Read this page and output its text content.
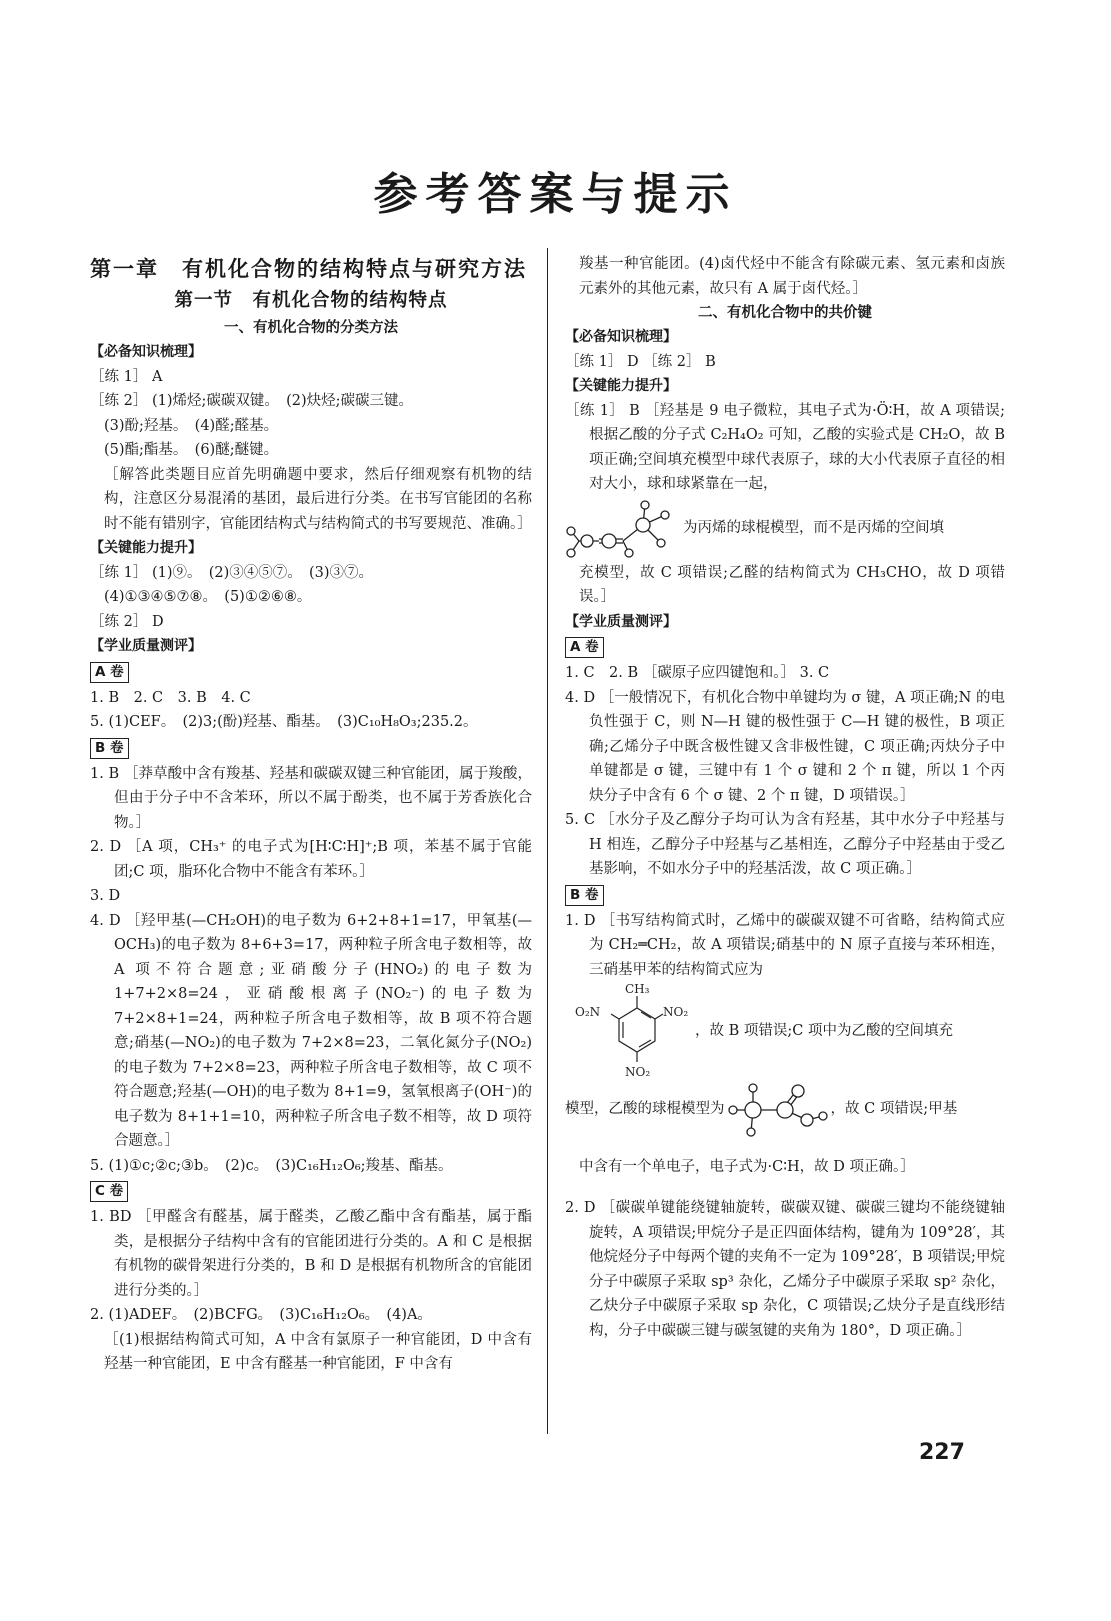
参考答案与提示
第一章　有机化合物的结构特点与研究方法
第一节　有机化合物的结构特点
一、有机化合物的分类方法
【必备知识梳理】
［练 1］ A
［练 2］ (1)烯烃;碳碳双键。　(2)炔烃;碳碳三键。
(3)酚;羟基。　(4)醛;醛基。
(5)酯;酯基。　(6)醚;醚键。
［解答此类题目应首先明确题中要求，然后仔细观察有机物的结构，注意区分易混淆的基团，最后进行分类。在书写官能团的名称时不能有错别字，官能团结构式与结构简式的书写要规范、准确。］
【关键能力提升】
［练 1］ (1)⑨。　(2)③④⑤⑦。　(3)③⑦。
(4)①③④⑤⑦⑧。　(5)①②⑥⑧。
［练 2］ D
【学业质量测评】
A 卷
1. B　2. C　3. B　4. C
5. (1)CEF。　(2)3;(酚)羟基、酯基。　(3)C₁₀H₈O₃;235.2。
B 卷
1. B ［莽草酸中含有羧基、羟基和碳碳双键三种官能团，属于羧酸，但由于分子中不含苯环，所以不属于酚类，也不属于芳香族化合物。］
2. D ［A 项，CH₃⁺ 的电子式为[H∶C∶H]⁺;B 项，苯基不属于官能团;C 项，脂环化合物中不能含有苯环。］
3. D
4. D ［羟甲基(—CH₂OH)的电子数为 6+2+8+1=17，甲氧基(—OCH₃)的电子数为 8+6+3=17，两种粒子所含电子数相等，故 A 项不符合题意;亚硝酸分子(HNO₂)的电子数为 1+7+2×8=24，亚硝酸根离子(NO₂⁻)的电子数为 7+2×8+1=24，两种粒子所含电子数相等，故 B 项不符合题意;硝基(—NO₂)的电子数为 7+2×8=23，二氧化氮分子(NO₂)的电子数为 7+2×8=23，两种粒子所含电子数相等，故 C 项不符合题意;羟基(—OH)的电子数为 8+1=9，氢氧根离子(OH⁻)的电子数为 8+1+1=10，两种粒子所含电子数不相等，故 D 项符合题意。］
5. (1)①c;②c;③b。　(2)c。　(3)C₁₆H₁₂O₆;羧基、酯基。
C 卷
1. BD ［甲醛含有醛基，属于醛类，乙酸乙酯中含有酯基，属于酯类，是根据分子结构中含有的官能团进行分类的。A 和 C 是根据有机物的碳骨架进行分类的，B 和 D 是根据有机物所含的官能团进行分类的。］
2. (1)ADEF。　(2)BCFG。　(3)C₁₆H₁₂O₆。　(4)A。
［(1)根据结构简式可知，A 中含有氯原子一种官能团，D 中含有羟基一种官能团，E 中含有醛基一种官能团，F 中含有
羧基一种官能团。(4)卤代烃中不能含有除碳元素、氢元素和卤族元素外的其他元素，故只有 A 属于卤代烃。］
二、有机化合物中的共价键
【必备知识梳理】
［练 1］ D ［练 2］ B
【关键能力提升】
［练 1］ B ［羟基是 9 电子微粒，其电子式为·Ö∶H，故 A 项错误;根据乙酸的分子式 C₂H₄O₂ 可知，乙酸的实验式是 CH₂O，故 B 项正确;空间填充模型中球代表原子，球的大小代表原子直径的相对大小，球和球紧靠在一起，
为丙烯的球棍模型，而不是丙烯的空间填
充模型，故 C 项错误;乙醛的结构简式为 CH₃CHO，故 D 项错误。］
【学业质量测评】
A 卷
1. C　2. B ［碳原子应四键饱和。］ 3. C
4. D ［一般情况下，有机化合物中单键均为 σ 键，A 项正确;N 的电负性强于 C，则 N—H 键的极性强于 C—H 键的极性，B 项正确;乙烯分子中既含极性键又含非极性键，C 项正确;丙炔分子中单键都是 σ 键，三键中有 1 个 σ 键和 2 个 π 键，所以 1 个丙炔分子中含有 6 个 σ 键、2 个 π 键，D 项错误。］
5. C ［水分子及乙醇分子均可认为含有羟基，其中水分子中羟基与 H 相连，乙醇分子中羟基与乙基相连，乙醇分子中羟基由于受乙基影响，不如水分子中的羟基活泼，故 C 项正确。］
B 卷
1. D ［书写结构简式时，乙烯中的碳碳双键不可省略，结构简式应为 CH₂═CH₂，故 A 项错误;硝基中的 N 原子直接与苯环相连，三硝基甲苯的结构简式应为
CH₃
O₂N	NO₂
NO₂
，故 B 项错误;C 项中为乙酸的空间填充
模型，乙酸的球棍模型为	，故 C 项错误;甲基
中含有一个单电子，电子式为·C∶H，故 D 项正确。］
2. D ［碳碳单键能绕键轴旋转，碳碳双键、碳碳三键均不能绕键轴旋转，A 项错误;甲烷分子是正四面体结构，键角为 109°28′，其他烷烃分子中每两个键的夹角不一定为 109°28′，B 项错误;甲烷分子中碳原子采取 sp³ 杂化，乙烯分子中碳原子采取 sp² 杂化，乙炔分子中碳原子采取 sp 杂化，C 项错误;乙炔分子是直线形结构，分子中碳碳三键与碳氢键的夹角为 180°，D 项正确。］
227
